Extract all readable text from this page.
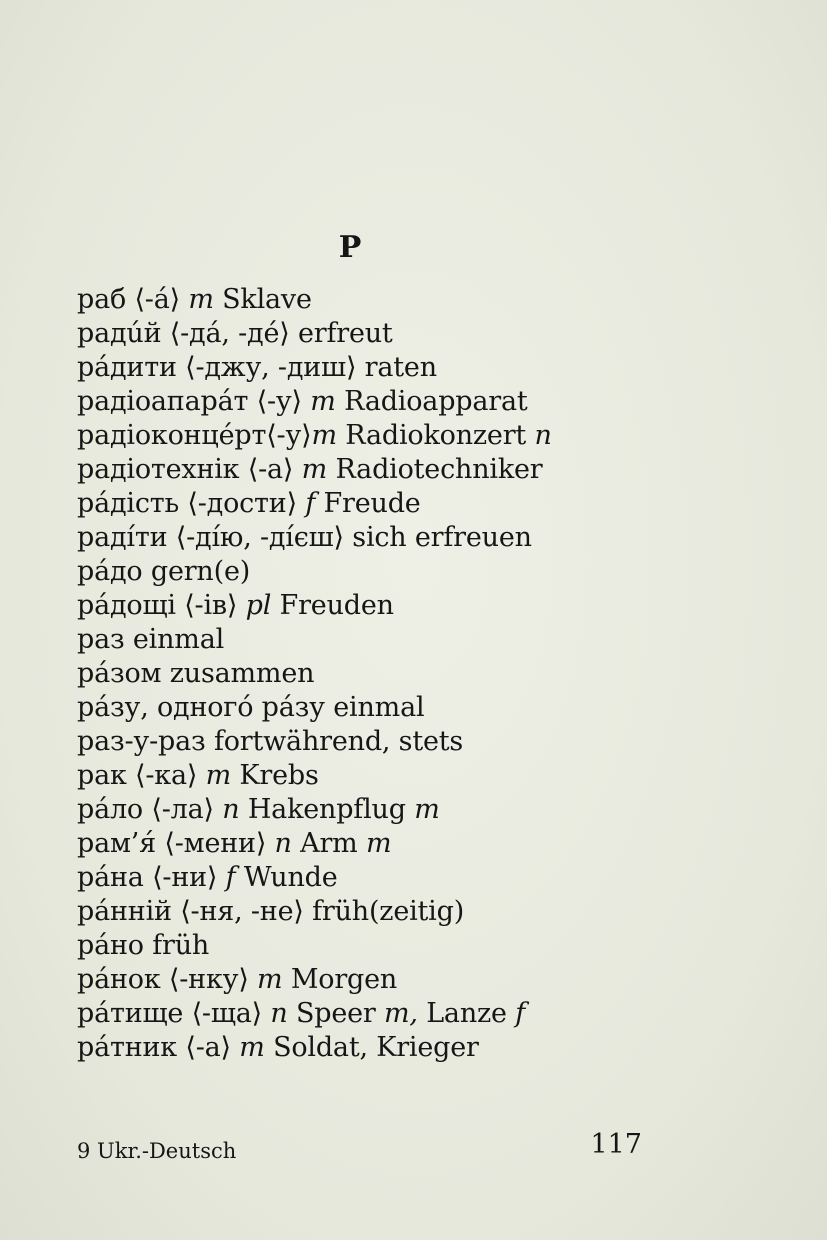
Р
раб ⟨-á⟩ m Sklave
радúй ⟨-дá, -дé⟩ erfreut
рáдити ⟨-джу, -диш⟩ raten
радіоапарáт ⟨-у⟩ m Radioapparat
радіоконцéрт⟨-у⟩m Radiokonzert n
радіотехнік ⟨-а⟩ m Radiotechniker
рáдість ⟨-дости⟩ f Freude
радíти ⟨-дíю, -дíєш⟩ sich erfreuen
рáдо gern(e)
рáдощі ⟨-ів⟩ pl Freuden
раз einmal
рáзом zusammen
рáзу, одногó рáзу einmal
раз-у-раз fortwährend, stets
рак ⟨-ка⟩ m Krebs
рáло ⟨-ла⟩ n Hakenpflug m
рам’я́ ⟨-мени⟩ n Arm m
рáна ⟨-ни⟩ f Wunde
рáнній ⟨-ня, -не⟩ früh(zeitig)
рáно früh
рáнок ⟨-нку⟩ m Morgen
рáтище ⟨-ща⟩ n Speer m, Lanze f
рáтник ⟨-а⟩ m Soldat, Krieger
9 Ukr.-Deutsch	117
